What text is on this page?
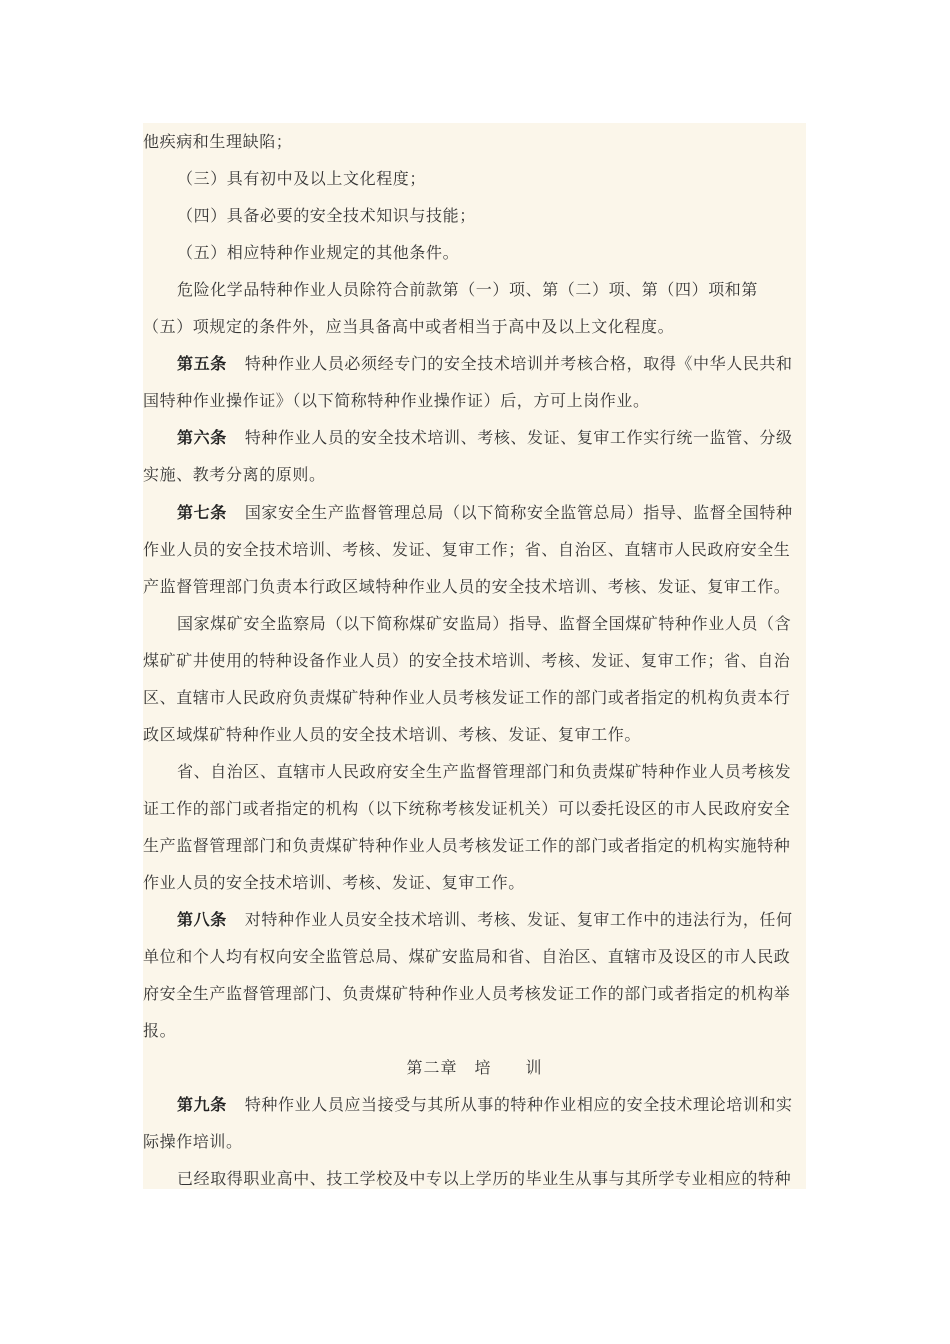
他疾病和生理缺陷；
（三）具有初中及以上文化程度；
（四）具备必要的安全技术知识与技能；
（五）相应特种作业规定的其他条件。
危险化学品特种作业人员除符合前款第（一）项、第（二）项、第（四）项和第
（五）项规定的条件外，应当具备高中或者相当于高中及以上文化程度。
第五条 特种作业人员必须经专门的安全技术培训并考核合格，取得《中华人民共和
国特种作业操作证》（以下简称特种作业操作证）后，方可上岗作业。
第六条 特种作业人员的安全技术培训、考核、发证、复审工作实行统一监管、分级
实施、教考分离的原则。
第七条 国家安全生产监督管理总局（以下简称安全监管总局）指导、监督全国特种
作业人员的安全技术培训、考核、发证、复审工作；省、自治区、直辖市人民政府安全生
产监督管理部门负责本行政区域特种作业人员的安全技术培训、考核、发证、复审工作。
国家煤矿安全监察局（以下简称煤矿安监局）指导、监督全国煤矿特种作业人员（含
煤矿矿井使用的特种设备作业人员）的安全技术培训、考核、发证、复审工作；省、自治
区、直辖市人民政府负责煤矿特种作业人员考核发证工作的部门或者指定的机构负责本行
政区域煤矿特种作业人员的安全技术培训、考核、发证、复审工作。
省、自治区、直辖市人民政府安全生产监督管理部门和负责煤矿特种作业人员考核发
证工作的部门或者指定的机构（以下统称考核发证机关）可以委托设区的市人民政府安全
生产监督管理部门和负责煤矿特种作业人员考核发证工作的部门或者指定的机构实施特种
作业人员的安全技术培训、考核、发证、复审工作。
第八条 对特种作业人员安全技术培训、考核、发证、复审工作中的违法行为，任何
单位和个人均有权向安全监管总局、煤矿安监局和省、自治区、直辖市及设区的市人民政
府安全生产监督管理部门、负责煤矿特种作业人员考核发证工作的部门或者指定的机构举
报。
第二章　培　　训
第九条 特种作业人员应当接受与其所从事的特种作业相应的安全技术理论培训和实
际操作培训。
已经取得职业高中、技工学校及中专以上学历的毕业生从事与其所学专业相应的特种
